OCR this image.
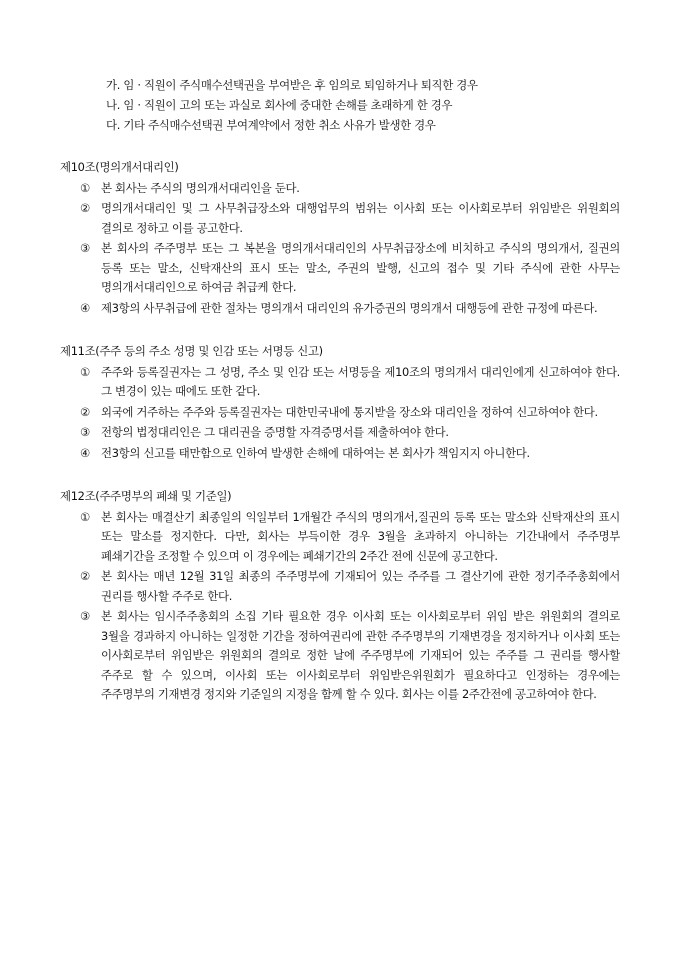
가. 임 · 직원이 주식매수선택권을 부여받은 후 임의로 퇴임하거나 퇴직한 경우
나. 임 · 직원이 고의 또는 과실로 회사에 중대한 손해를 초래하게 한 경우
다. 기타 주식매수선택권 부여계약에서 정한 취소 사유가 발생한 경우
제10조(명의개서대리인)
① 본 회사는 주식의 명의개서대리인을 둔다.
② 명의개서대리인 및 그 사무취급장소와 대행업무의 범위는 이사회 또는 이사회로부터 위임받은 위원회의 결의로 정하고 이를 공고한다.
③ 본 회사의 주주명부 또는 그 복본을 명의개서대리인의 사무취급장소에 비치하고 주식의 명의개서, 질권의 등록 또는 말소, 신탁재산의 표시 또는 말소, 주권의 발행, 신고의 접수 및 기타 주식에 관한 사무는 명의개서대리인으로 하여금 취급케 한다.
④ 제3항의 사무취급에 관한 절차는 명의개서 대리인의 유가증권의 명의개서 대행등에 관한 규정에 따른다.
제11조(주주 등의 주소 성명 및 인감 또는 서명등 신고)
① 주주와 등록질권자는 그 성명, 주소 및 인감 또는 서명등을 제10조의 명의개서 대리인에게 신고하여야 한다. 그 변경이 있는 때에도 또한 같다.
② 외국에 거주하는 주주와 등록질권자는 대한민국내에 통지받을 장소와 대리인을 정하여 신고하여야 한다.
③ 전항의 법정대리인은 그 대리권을 증명할 자격증명서를 제출하여야 한다.
④ 전3항의 신고를 태만함으로 인하여 발생한 손해에 대하여는 본 회사가 책임지지 아니한다.
제12조(주주명부의 폐쇄 및 기준일)
① 본 회사는 매결산기 최종일의 익일부터 1개월간 주식의 명의개서,질권의 등록 또는 말소와 신탁재산의 표시 또는 말소를 정지한다. 다만, 회사는 부득이한 경우 3월을 초과하지 아니하는 기간내에서 주주명부 폐쇄기간을 조정할 수 있으며 이 경우에는 폐쇄기간의 2주간 전에 신문에 공고한다.
② 본 회사는 매년 12월 31일 최종의 주주명부에 기재되어 있는 주주를 그 결산기에 관한 정기주주총회에서 권리를 행사할 주주로 한다.
③ 본 회사는 임시주주총회의 소집 기타 필요한 경우 이사회 또는 이사회로부터 위임 받은 위원회의 결의로 3월을 경과하지 아니하는 일정한 기간을 정하여권리에 관한 주주명부의 기재변경을 정지하거나 이사회 또는 이사회로부터 위임받은 위원회의 결의로 정한 날에 주주명부에 기재되어 있는 주주를 그 권리를 행사할 주주로 할 수 있으며, 이사회 또는 이사회로부터 위임받은위원회가 필요하다고 인정하는 경우에는 주주명부의 기재변경 정지와 기준일의 지정을 함께 할 수 있다. 회사는 이를 2주간전에 공고하여야 한다.
